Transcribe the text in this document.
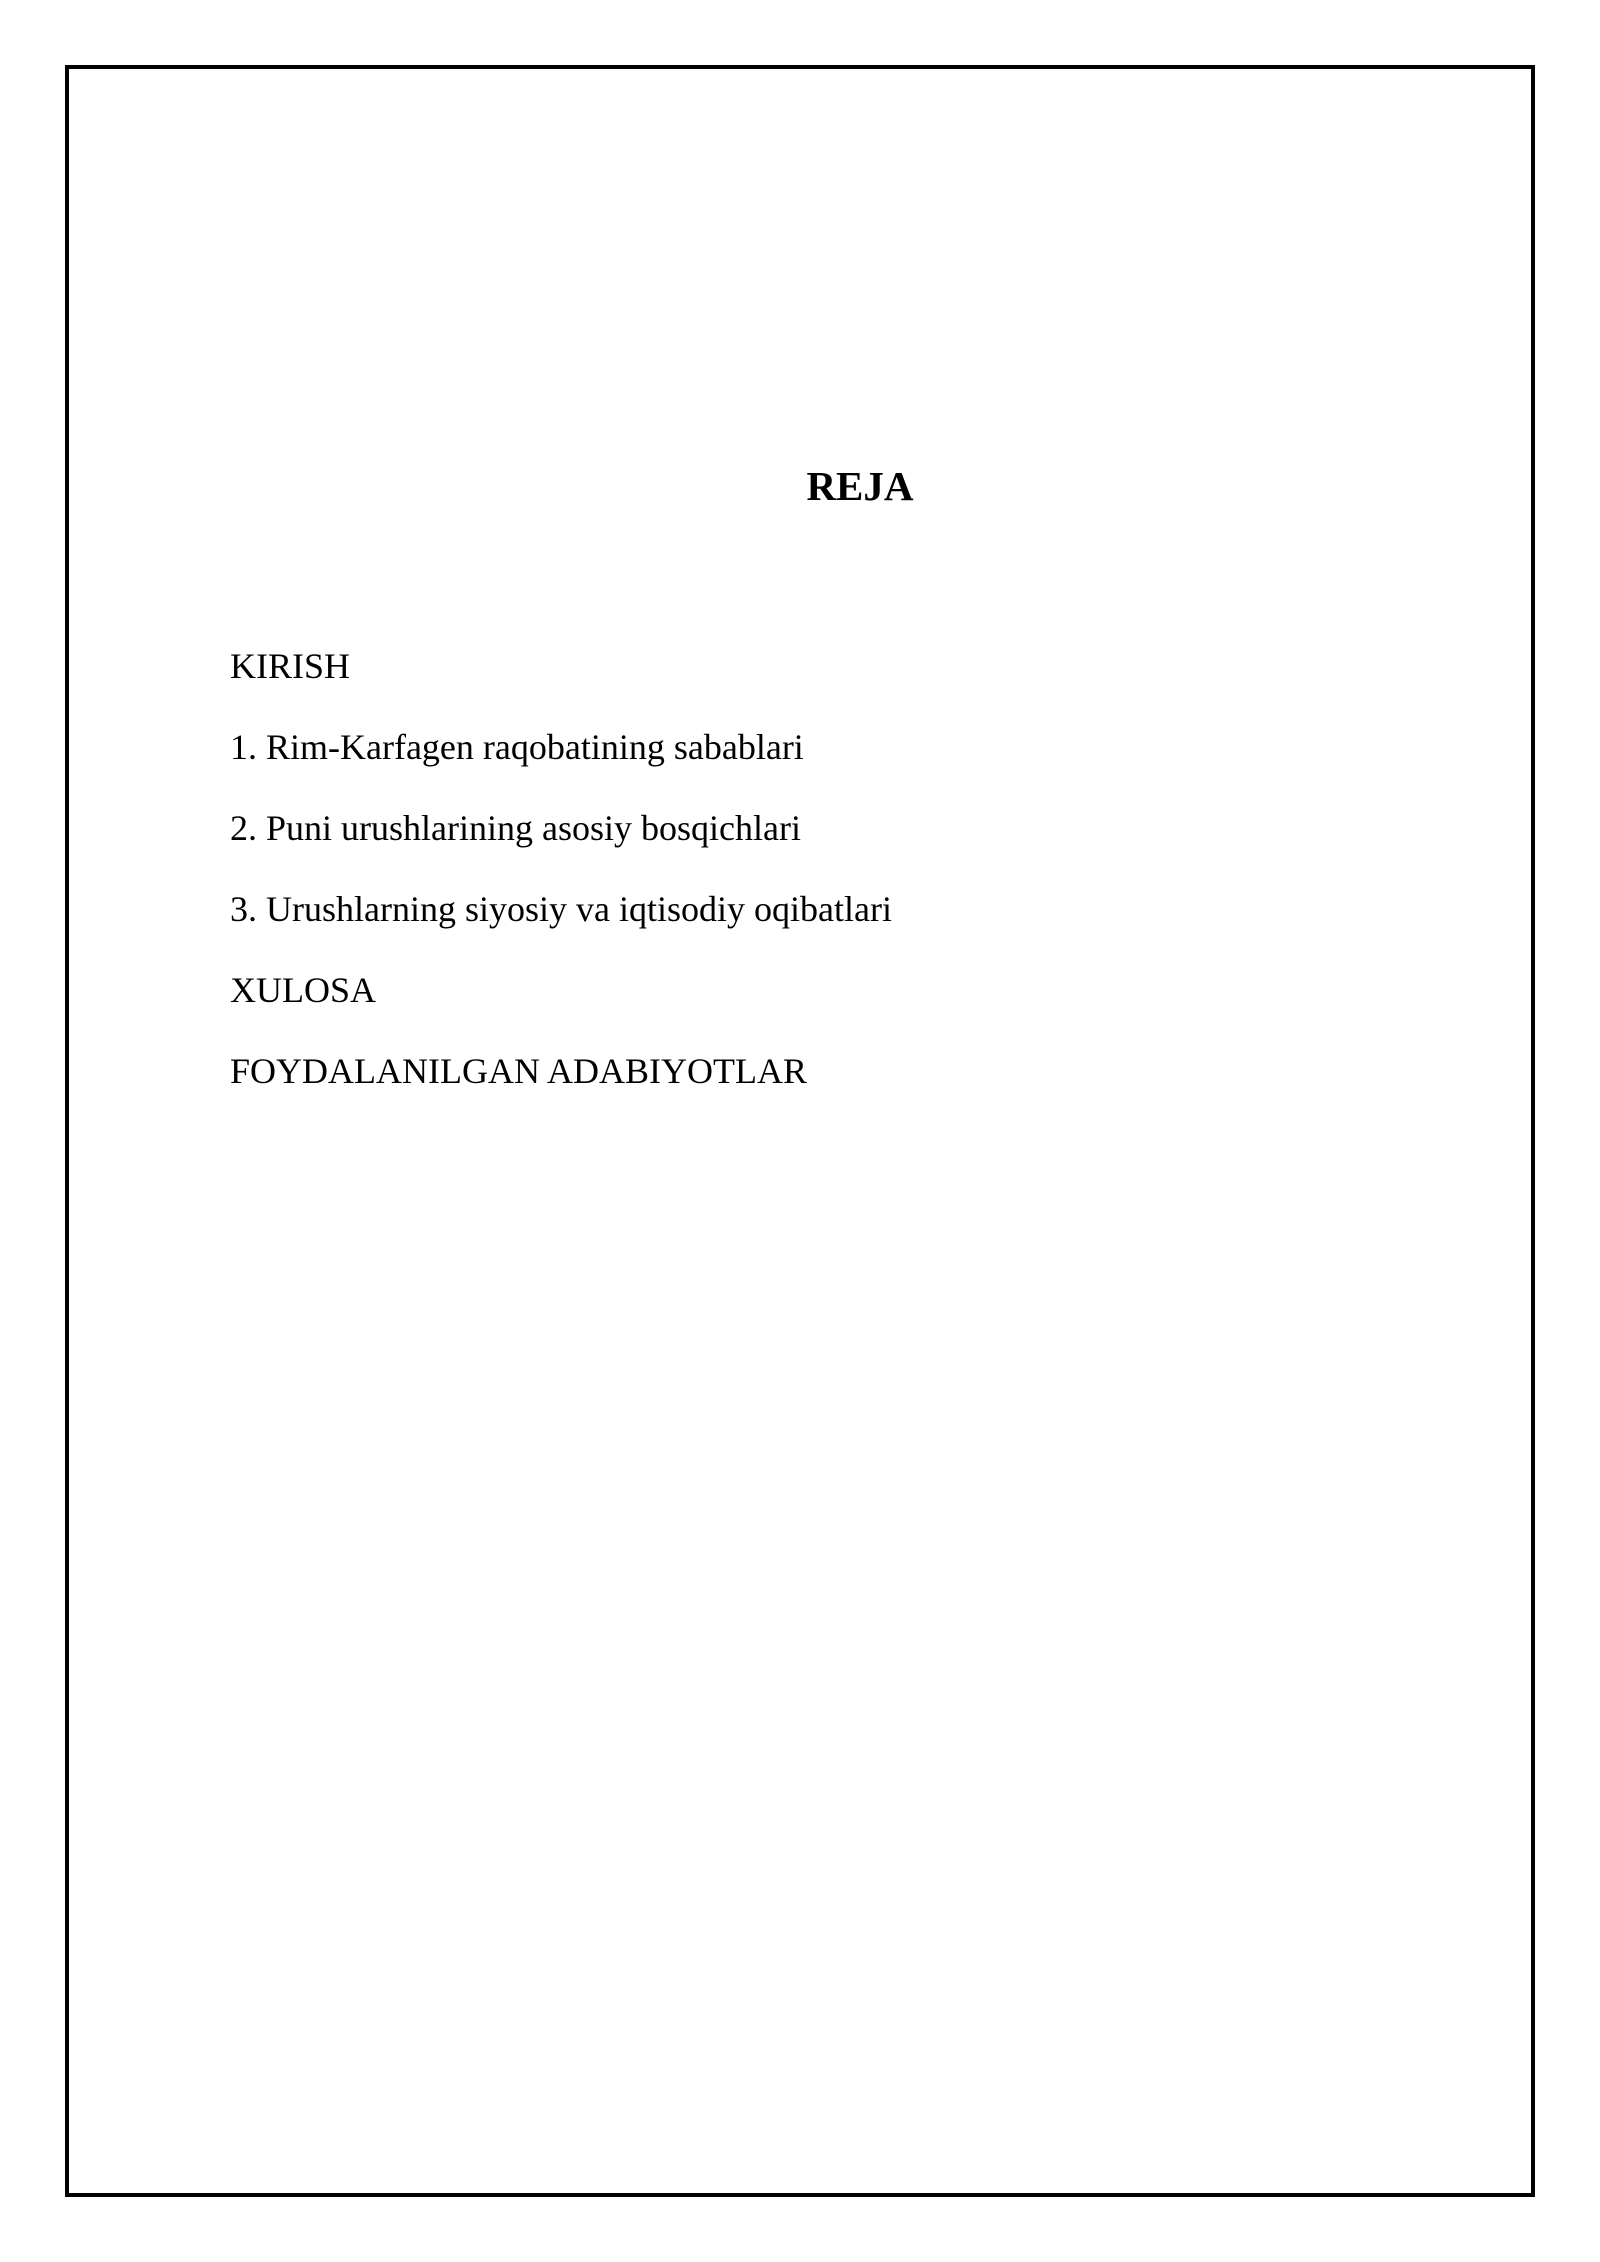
REJA
KIRISH
1. Rim-Karfagen raqobatining sabablari
2. Puni urushlarining asosiy bosqichlari
3. Urushlarning siyosiy va iqtisodiy oqibatlari
XULOSA
FOYDALANILGAN ADABIYOTLAR
